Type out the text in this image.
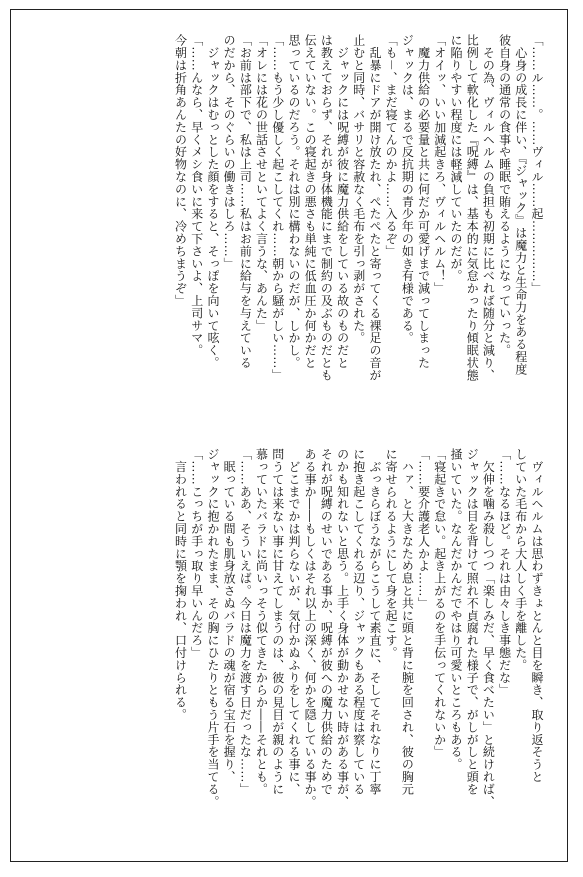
「……ル……。……ヴィル……起……………」
　心身の成長に伴い、『ジャック』は魔力と生命力をある程度
彼自身の通常の食事や睡眠で賄えるようになっていった。
　その為、ヴィルヘルムの負担も初期に比べれば随分と減り、
比例して軟化した『呪縛』は、基本的に気怠かったり傾眠状態
に陥りやすい程度には軽減していたのだが。
「オイッ、いい加減起きろ、ヴィルヘルム！」
　魔力供給の必要量と共に何だか可愛げまで減ってしまった
ジャックは、まるで反抗期の青少年の如き有様である。
「も－、まだ寝てんのかよ……入るぞ」
　乱暴にドアが開け放たれ、ぺたぺたと寄ってくる裸足の音が
止むと同時、バサリと容赦なく毛布を引っ剥がされた。
　ジャックには呪縛が彼に魔力供給をしている故のものだと
は教えておらず、それが身体機能にまで制約の及ぶものだとも
伝えていない。この寝起きの悪さも単純に低血圧か何かだと
思っているのだろう。それは別に構わないのだが、しかし。
「……もう少し優しく起こしてくれ……朝から騒がしい……」
「オレには花の世話させといてよく言うな、あんた」
「お前は部下で、私は上司……私はお前に給与を与えている
のだから、そのぐらいの働きはしろ……」
　ジャックはむっとした顔をすると、そっぽを向いて呟く。
「……んなら、早くメシ食いに来て下さいよ、上司サマ。
今朝は折角あんたの好物なのに、冷めちまうぞ」
　ヴィルヘルムは思わずきょとんと目を瞬き、取り返そうと
していた毛布から大人しく手を離した。
「……なるほど。それは由々しき事態だな」
　欠伸を噛み殺しつつ「楽しみだ、早く食べたい」と続ければ、
ジャックは目を背けて照れ不貞腐れた様子で、がしがしと頭を
掻いていた。なんだかんだでやはり可愛いところもある。
「寝起きで怠い。起き上がるのを手伝ってくれないか」
「……要介護老人かよ……」
　ハァ、と大きなため息と共に頭と背に腕を回され、彼の胸元
に寄せられるようにして身を起こす。
　ぶっきらぼうながらこうして素直に、そしてそれなりに丁寧
に抱き起こしてくれる辺り、ジャックもある程度は察している
のかも知れないと思う。上手く身体が動かせない時がある事が、
それが呪縛のせいである事か、呪縛が彼への魔力供給のためで
ある事か――もしくはそれ以上の深く、何かを隠している事か。
　どこまでかは判らないが、気付かぬふりをしてくれる事に、
問うては来ない事に甘えてしまうのは、彼の見目が親のように
慕っていたバラドに尚いっそう似てきたからか――それとも。
「……ああ、そういえば。今日は魔力を渡す日だったな……」
　眠っている間も肌身放さぬバラドの魂が宿る宝石を握り、
ジャックに抱かれたまま、その胸にひたりともう片手を当てる。
「……こっちが手っ取り早いんだろ」
　言われると同時に顎を掬われ、口付けられる。
